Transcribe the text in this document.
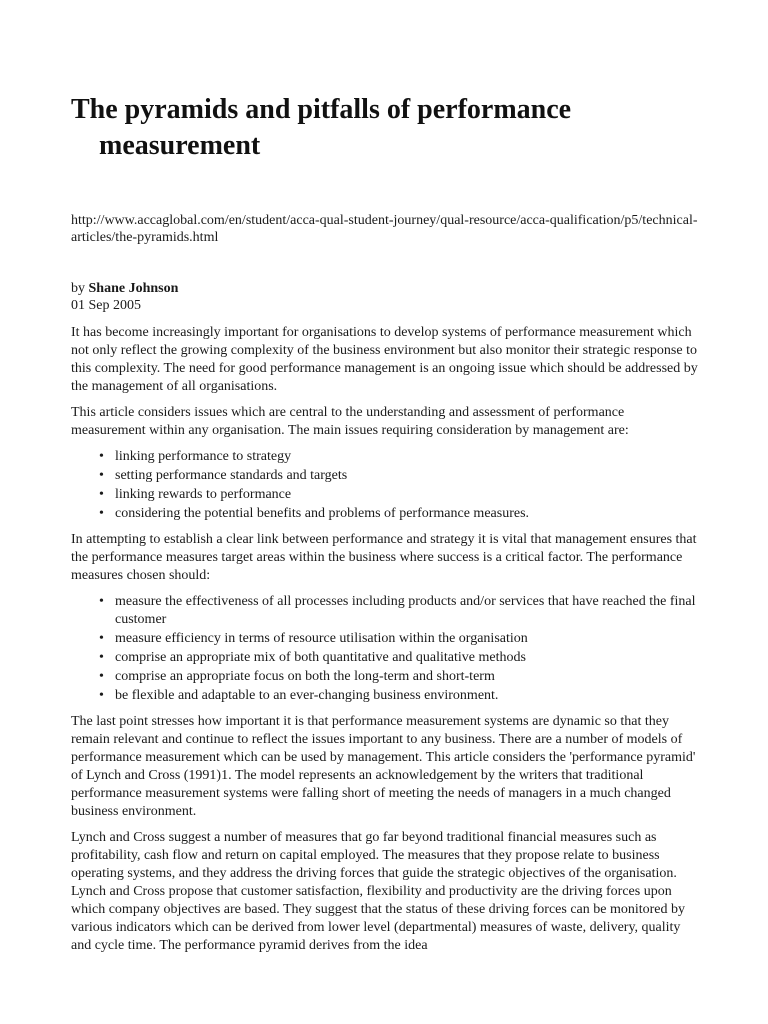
The pyramids and pitfalls of performance measurement
http://www.accaglobal.com/en/student/acca-qual-student-journey/qual-resource/acca-qualification/p5/technical-articles/the-pyramids.html

by Shane Johnson

01 Sep 2005

It has become increasingly important for organisations to develop systems of performance measurement which not only reflect the growing complexity of the business environment but also monitor their strategic response to this complexity. The need for good performance management is an ongoing issue which should be addressed by the management of all organisations.

This article considers issues which are central to the understanding and assessment of performance measurement within any organisation. The main issues requiring consideration by management are:

• linking performance to strategy
• setting performance standards and targets
• linking rewards to performance
• considering the potential benefits and problems of performance measures.

In attempting to establish a clear link between performance and strategy it is vital that management ensures that the performance measures target areas within the business where success is a critical factor. The performance measures chosen should:

• measure the effectiveness of all processes including products and/or services that have reached the final customer
• measure efficiency in terms of resource utilisation within the organisation
• comprise an appropriate mix of both quantitative and qualitative methods
• comprise an appropriate focus on both the long-term and short-term
• be flexible and adaptable to an ever-changing business environment.

The last point stresses how important it is that performance measurement systems are dynamic so that they remain relevant and continue to reflect the issues important to any business. There are a number of models of performance measurement which can be used by management. This article considers the 'performance pyramid' of Lynch and Cross (1991)1. The model represents an acknowledgement by the writers that traditional performance measurement systems were falling short of meeting the needs of managers in a much changed business environment.

Lynch and Cross suggest a number of measures that go far beyond traditional financial measures such as profitability, cash flow and return on capital employed. The measures that they propose relate to business operating systems, and they address the driving forces that guide the strategic objectives of the organisation. Lynch and Cross propose that customer satisfaction, flexibility and productivity are the driving forces upon which company objectives are based. They suggest that the status of these driving forces can be monitored by various indicators which can be derived from lower level (departmental) measures of waste, delivery, quality and cycle time. The performance pyramid derives from the idea
